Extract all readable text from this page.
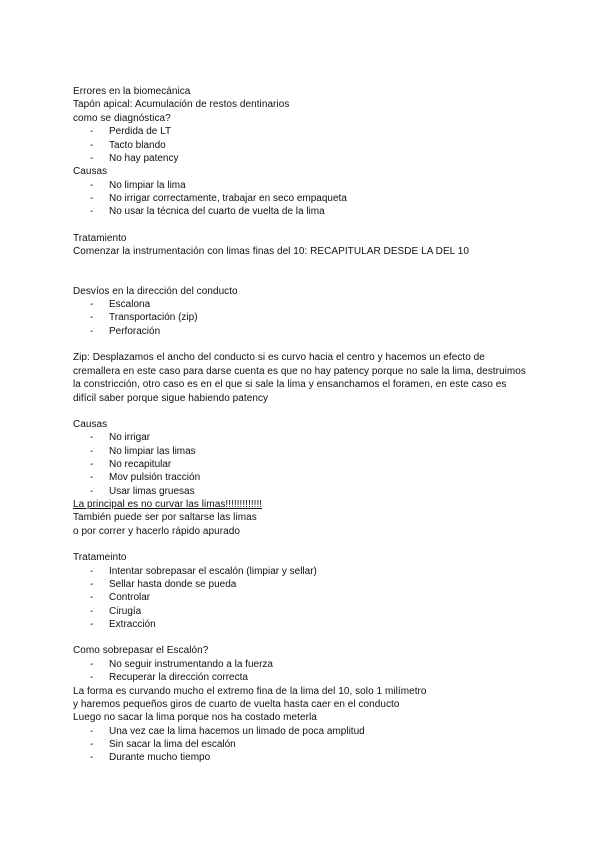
Errores en la biomecánica
Tapón apical: Acumulación de restos dentinarios
como se diagnóstica?
- Perdida de LT
- Tacto blando
- No hay patency
Causas
- No limpiar la lima
- No irrigar correctamente, trabajar en seco empaqueta
- No usar la técnica del cuarto de vuelta de la lima
Tratamiento
Comenzar la instrumentación con limas finas del 10: RECAPITULAR DESDE LA DEL 10
Desvíos en la dirección del conducto
- Escalona
- Transportación (zip)
- Perforación
Zip: Desplazamos el ancho del conducto si es curvo hacia el centro y hacemos un efecto de
cremallera en este caso para darse cuenta es que no hay patency porque no sale la lima, destruimos
la constricción, otro caso es en el que si sale la lima y ensanchamos el foramen, en este caso es
difícil saber porque sigue habiendo patency
Causas
- No irrigar
- No limpiar las limas
- No recapitular
- Mov pulsión tracción
- Usar limas gruesas
La principal es no curvar las limas!!!!!!!!!!!!!
También puede ser por saltarse las limas
o por correr y hacerlo rápido apurado
Tratameinto
- Intentar sobrepasar el escalón (limpiar y sellar)
- Sellar hasta donde se pueda
- Controlar
- Cirugía
- Extracción
Como sobrepasar el Escalón?
- No seguir instrumentando a la fuerza
- Recuperar la dirección correcta
La forma es curvando mucho el extremo fina de la lima del 10, solo 1 milímetro
y haremos pequeños giros de cuarto de vuelta hasta caer en el conducto
Luego no sacar la lima porque nos ha costado meterla
- Una vez cae la lima hacemos un limado de poca amplitud
- Sin sacar la lima del escalón
- Durante mucho tiempo
